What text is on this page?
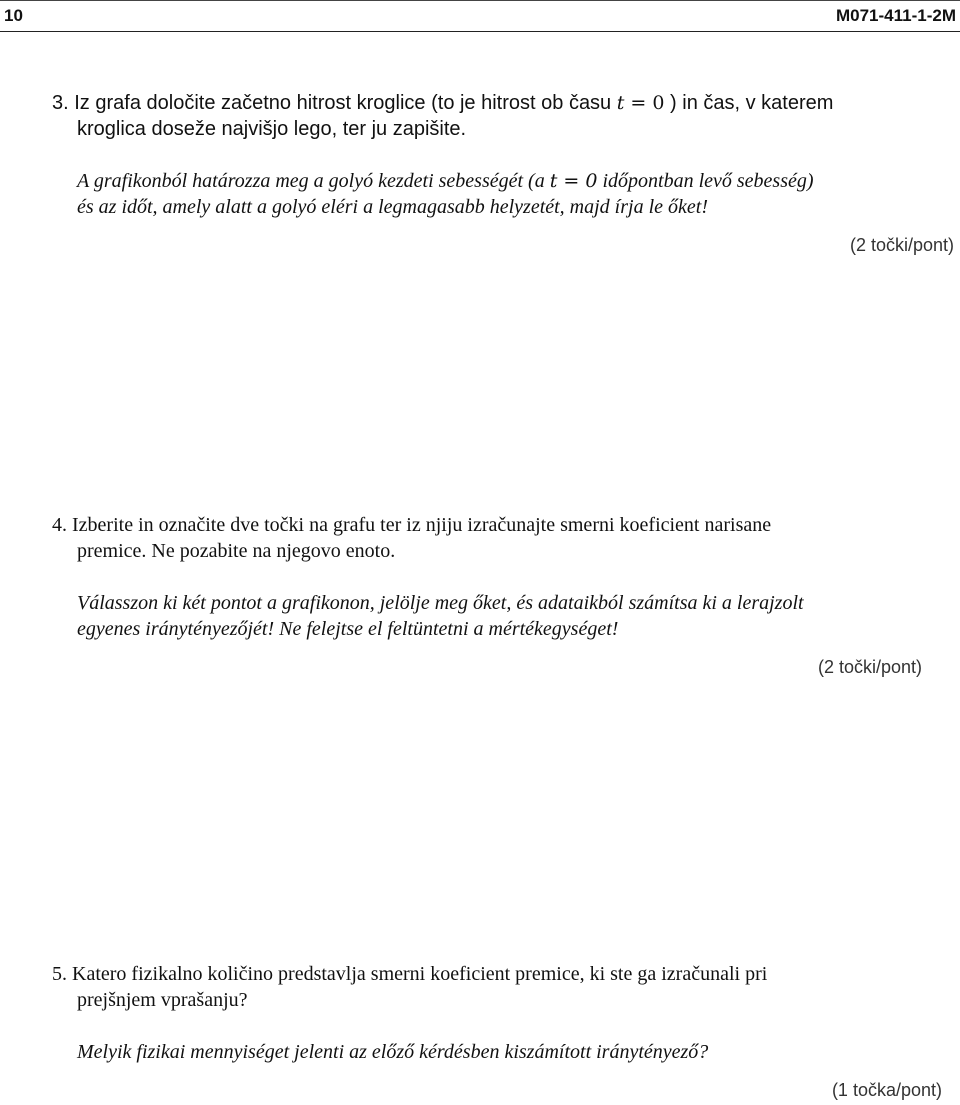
10	M071-411-1-2M
3. Iz grafa določite začetno hitrost kroglice (to je hitrost ob času t = 0 ) in čas, v katerem
kroglica doseže najvišjo lego, ter ju zapišite.
A grafikonból határozza meg a golyó kezdeti sebességét (a t = 0 időpontban levő sebesség)
és az időt, amely alatt a golyó eléri a legmagasabb helyzetét, majd írja le őket!
(2 točki/pont)
4. Izberite in označite dve točki na grafu ter iz njiju izračunajte smerni koeficient narisane
premice. Ne pozabite na njegovo enoto.
Válasszon ki két pontot a grafikonon, jelölje meg őket, és adataikból számítsa ki a lerajzolt
egyenes iránytényezőjét! Ne felejtse el feltüntetni a mértékegységet!
(2 točki/pont)
5. Katero fizikalno količino predstavlja smerni koeficient premice, ki ste ga izračunali pri
prejšnjem vprašanju?
Melyik fizikai mennyiséget jelenti az előző kérdésben kiszámított iránytényező?
(1 točka/pont)
